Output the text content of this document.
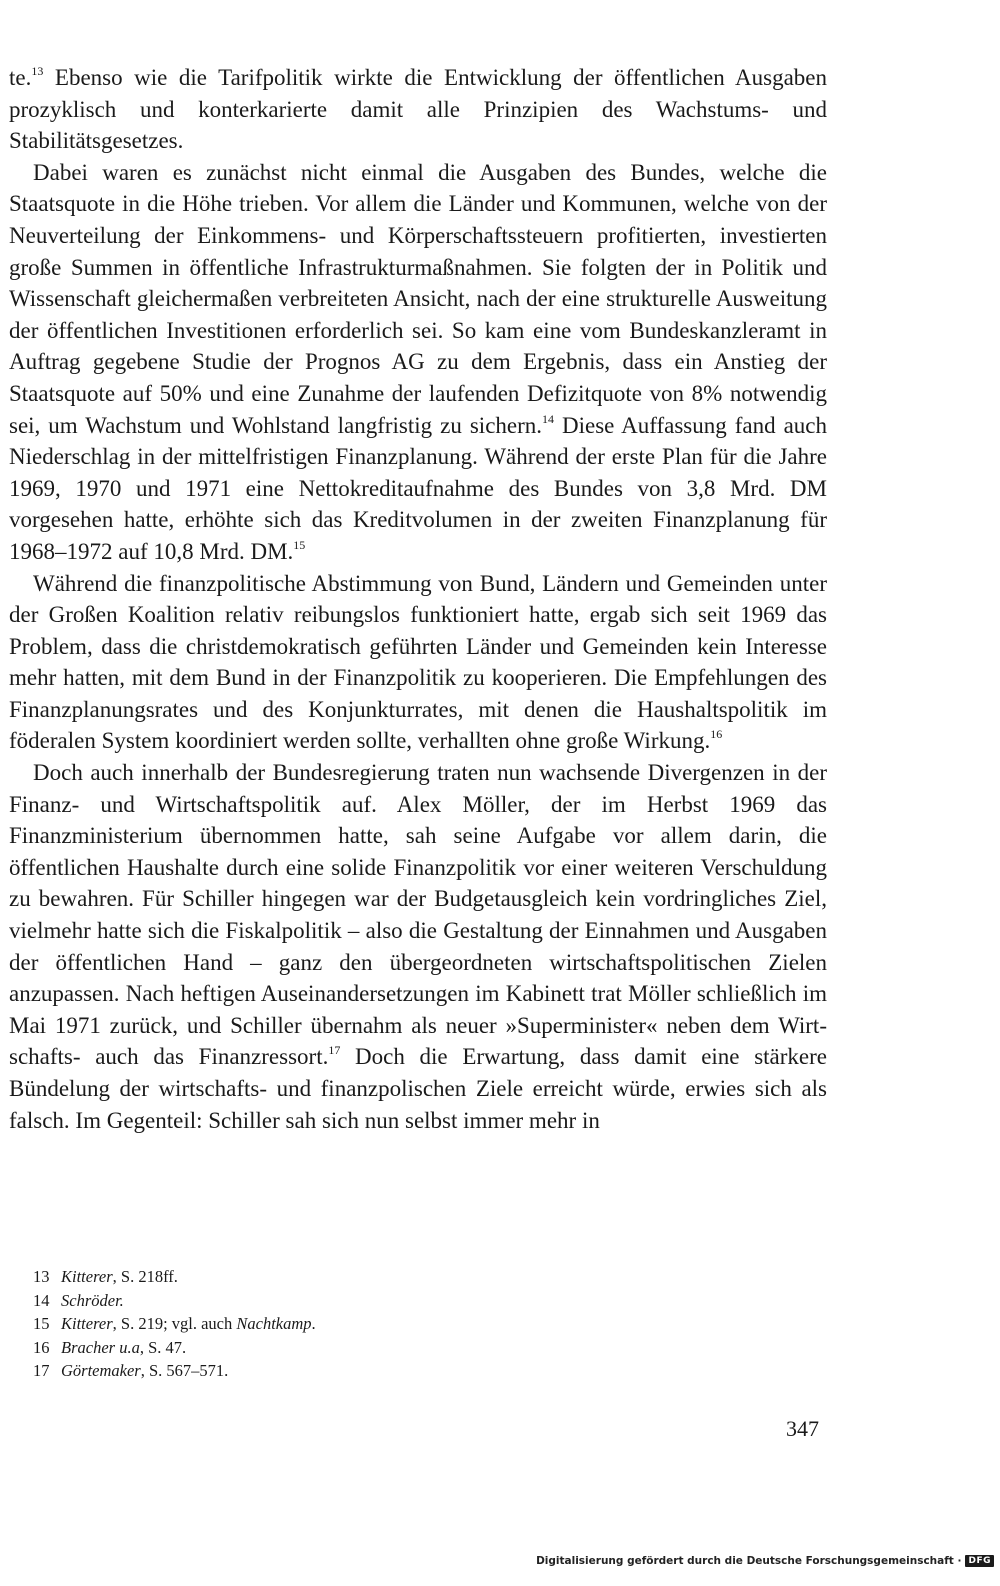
te.$^{13}$ Ebenso wie die Tarifpolitik wirkte die Entwicklung der öffentlichen Ausgaben prozyklisch und konterkarierte damit alle Prinzipien des Wachstums- und Stabilitätsgesetzes.

Dabei waren es zunächst nicht einmal die Ausgaben des Bundes, welche die Staatsquote in die Höhe trieben. Vor allem die Länder und Kommunen, welche von der Neuverteilung der Einkommens- und Körperschaftssteuern profitierten, investierten große Summen in öffentliche Infrastrukturmaßnahmen. Sie folgten der in Politik und Wissenschaft gleichermaßen verbreiteten Ansicht, nach der eine strukturelle Ausweitung der öffentlichen Investitionen erforderlich sei. So kam eine vom Bundeskanzleramt in Auftrag gegebene Studie der Prognos AG zu dem Ergebnis, dass ein Anstieg der Staatsquote auf 50% und eine Zunahme der laufenden Defizitquote von 8% notwendig sei, um Wachstum und Wohlstand langfristig zu sichern.$^{14}$ Diese Auffassung fand auch Niederschlag in der mittelfristigen Finanzplanung. Während der erste Plan für die Jahre 1969, 1970 und 1971 eine Nettokreditaufnahme des Bundes von 3,8 Mrd. DM vorgesehen hatte, erhöhte sich das Kreditvolumen in der zweiten Finanzplanung für 1968–1972 auf 10,8 Mrd. DM.$^{15}$

Während die finanzpolitische Abstimmung von Bund, Ländern und Gemeinden unter der Großen Koalition relativ reibungslos funktioniert hatte, ergab sich seit 1969 das Problem, dass die christdemokratisch geführten Länder und Gemeinden kein Interesse mehr hatten, mit dem Bund in der Finanzpolitik zu kooperieren. Die Empfehlungen des Finanzplanungsrates und des Konjunkturrates, mit denen die Haushaltspolitik im föderalen System koordiniert werden sollte, verhallten ohne große Wirkung.$^{16}$

Doch auch innerhalb der Bundesregierung traten nun wachsende Divergenzen in der Finanz- und Wirtschaftspolitik auf. Alex Möller, der im Herbst 1969 das Finanzministerium übernommen hatte, sah seine Aufgabe vor allem darin, die öffentlichen Haushalte durch eine solide Finanzpolitik vor einer weiteren Verschuldung zu bewahren. Für Schiller hingegen war der Budgetausgleich kein vordringliches Ziel, vielmehr hatte sich die Fiskalpolitik – also die Gestaltung der Einnahmen und Ausgaben der öffentlichen Hand – ganz den übergeordneten wirtschaftspolitischen Zielen anzupassen. Nach heftigen Auseinandersetzungen im Kabinett trat Möller schließlich im Mai 1971 zurück, und Schiller übernahm als neuer »Superminister« neben dem Wirtschafts- auch das Finanzressort.$^{17}$ Doch die Erwartung, dass damit eine stärkere Bündelung der wirtschafts- und finanzpolischen Ziele erreicht würde, erwies sich als falsch. Im Gegenteil: Schiller sah sich nun selbst immer mehr in

13 Kitterer, S. 218ff.
14 Schröder.
15 Kitterer, S. 219; vgl. auch Nachtkamp.
16 Bracher u.a, S. 47.
17 Görtemaker, S. 567–571.
347
Digitalisierung gefördert durch die Deutsche Forschungsgemeinschaft · DFG
